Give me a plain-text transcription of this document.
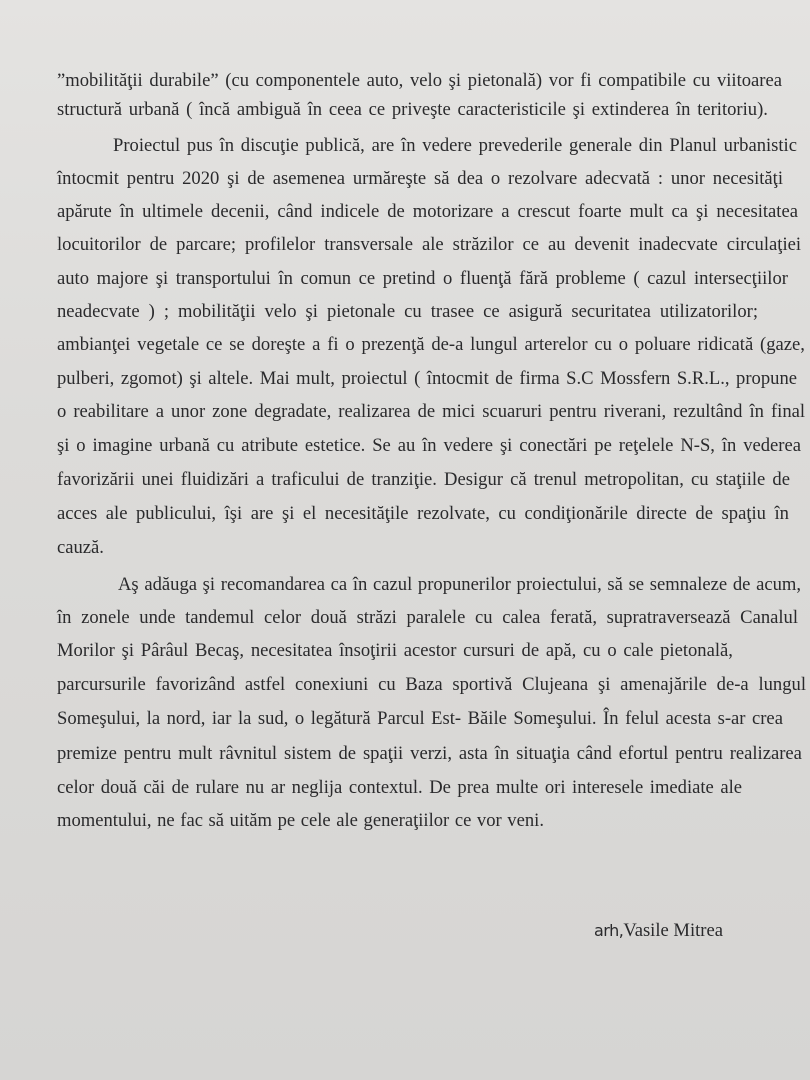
”mobilităţii durabile” (cu componentele auto, velo şi pietonală) vor fi compatibile cu viitoarea
structură urbană ( încă ambiguă în ceea ce priveşte caracteristicile şi extinderea în teritoriu).
Proiectul pus în discuţie publică, are în vedere prevederile generale din Planul urbanistic
întocmit pentru 2020 şi de asemenea urmăreşte să dea o rezolvare adecvată : unor necesităţi
apărute în ultimele decenii, când indicele de motorizare a crescut foarte mult ca şi necesitatea
locuitorilor de parcare; profilelor transversale ale străzilor ce au devenit inadecvate circulaţiei
auto majore şi transportului în comun ce pretind o fluenţă fără probleme ( cazul intersecţiilor
neadecvate ) ; mobilităţii velo şi pietonale cu trasee ce asigură securitatea utilizatorilor;
ambianţei vegetale ce se doreşte a fi o prezenţă de-a lungul arterelor cu o poluare ridicată (gaze,
pulberi, zgomot) şi altele. Mai mult, proiectul ( întocmit de firma S.C Mossfern S.R.L., propune
o reabilitare a unor zone degradate, realizarea de mici scuaruri pentru riverani, rezultând în final
şi o imagine urbană cu atribute estetice. Se au în vedere şi conectări pe reţelele N-S, în vederea
favorizării unei fluidizări a traficului de tranziţie. Desigur că trenul metropolitan, cu staţiile de
acces ale publicului, îşi are şi el necesităţile rezolvate, cu condiţionările directe de spaţiu în
cauză.
Aş adăuga şi recomandarea ca în cazul propunerilor proiectului, să se semnaleze de acum,
în zonele unde tandemul celor două străzi paralele cu calea ferată, supratraversează Canalul
Morilor şi Pârâul Becaş, necesitatea însoţirii acestor cursuri de apă, cu o cale pietonală,
parcursurile favorizând astfel conexiuni cu Baza sportivă Clujeana şi amenajările de-a lungul
Someşului, la nord, iar la sud, o legătură Parcul Est- Băile Someşului. În felul acesta s-ar crea
premize pentru mult râvnitul sistem de spaţii verzi, asta în situaţia când efortul pentru realizarea
celor două căi de rulare nu ar neglija contextul. De prea multe ori interesele imediate ale
momentului, ne fac să uităm pe cele ale generaţiilor ce vor veni.
arh,Vasile Mitrea
